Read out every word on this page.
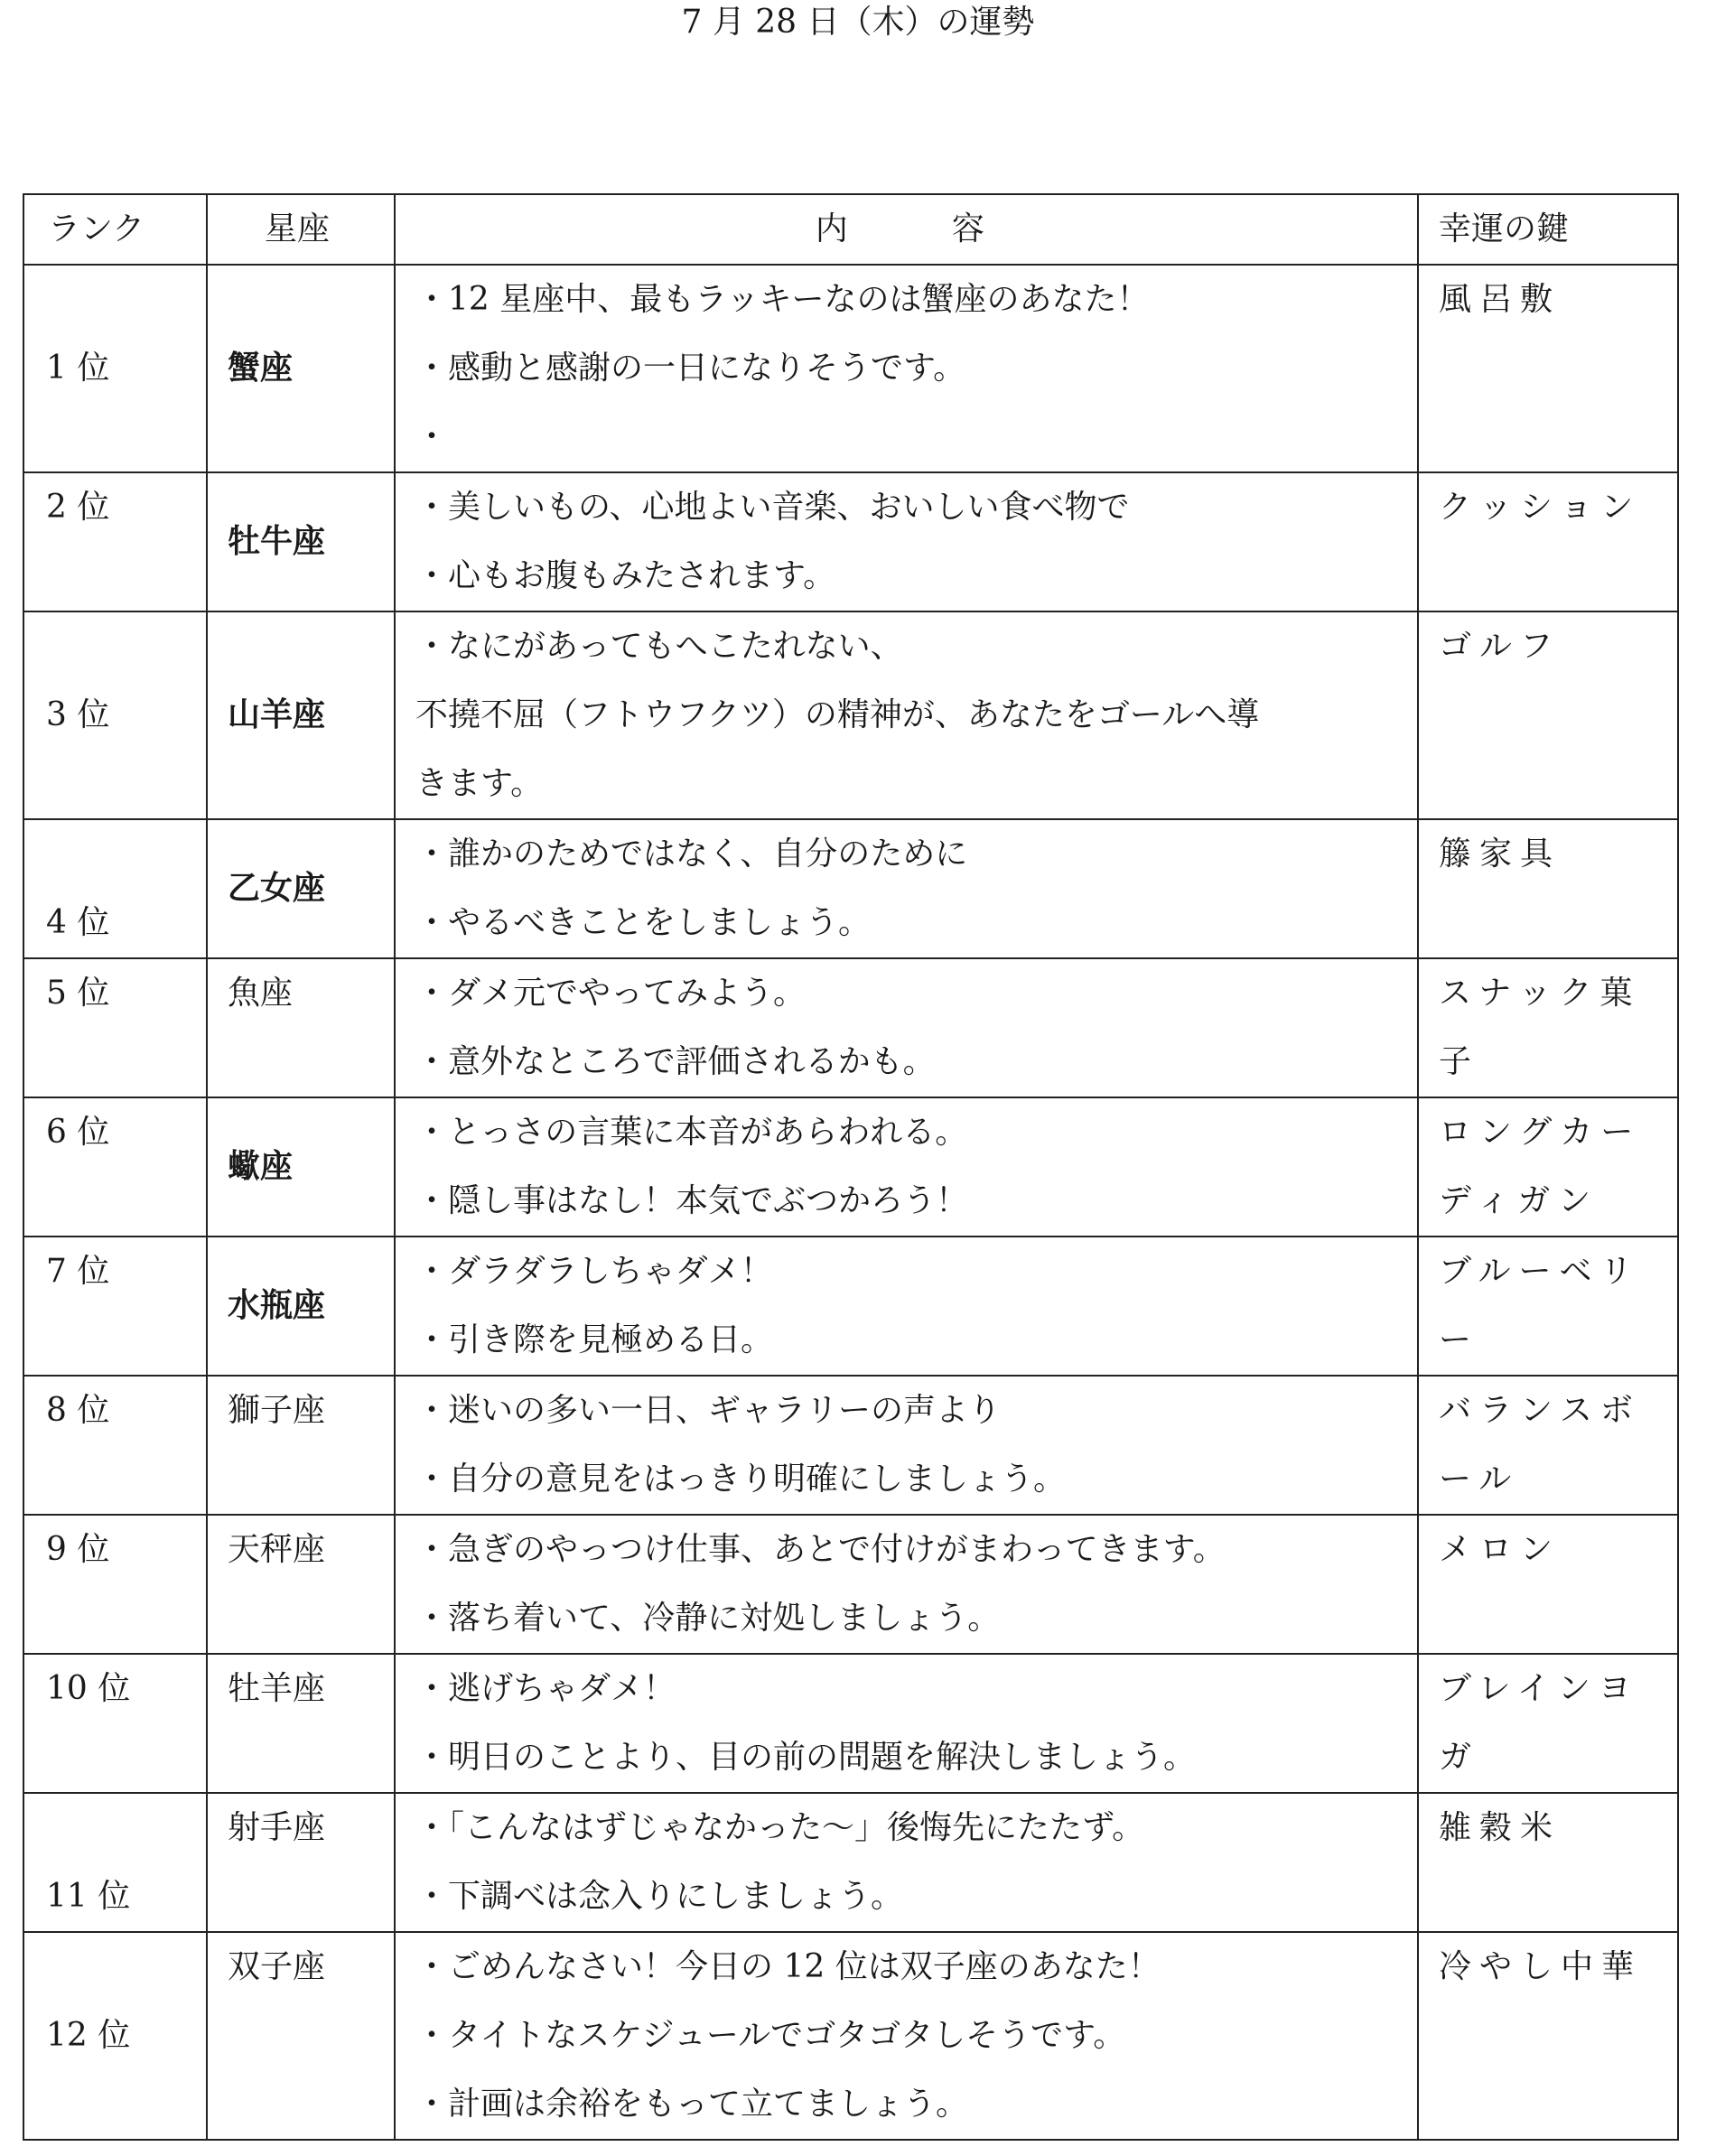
7 月 28 日（木）の運勢
ランク	星座	内　　容	幸運の鍵
1 位	蟹座	・12 星座中、最もラッキーなのは蟹座のあなた！
・感動と感謝の一日になりそうです。
・	風呂敷

2 位	牡牛座	・美しいもの、心地よい音楽、おいしい食べ物で
・心もお腹もみたされます。	クッション

3 位	山羊座	・なにがあってもへこたれない、
不撓不屈（フトウフクツ）の精神が、あなたをゴールへ導
きます。	ゴルフ

4 位	乙女座	・誰かのためではなく、自分のために
・やるべきことをしましょう。	籐家具

5 位	魚座	・ダメ元でやってみよう。
・意外なところで評価されるかも。	スナック菓子

6 位	蠍座	・とっさの言葉に本音があらわれる。
・隠し事はなし！本気でぶつかろう！	ロングカーディガン

7 位	水瓶座	・ダラダラしちゃダメ！
・引き際を見極める日。	ブルーベリー

8 位	獅子座	・迷いの多い一日、ギャラリーの声より
・自分の意見をはっきり明確にしましょう。	バランスボール

9 位	天秤座	・急ぎのやっつけ仕事、あとで付けがまわってきます。
・落ち着いて、冷静に対処しましょう。	メロン

10 位	牡羊座	・逃げちゃダメ！
・明日のことより、目の前の問題を解決しましょう。	ブレインヨガ

11 位	射手座	・「こんなはずじゃなかった～」後悔先にたたず。
・下調べは念入りにしましょう。	雑穀米

12 位	双子座	・ごめんなさい！今日の 12 位は双子座のあなた！
・タイトなスケジュールでゴタゴタしそうです。
・計画は余裕をもって立てましょう。	冷やし中華
